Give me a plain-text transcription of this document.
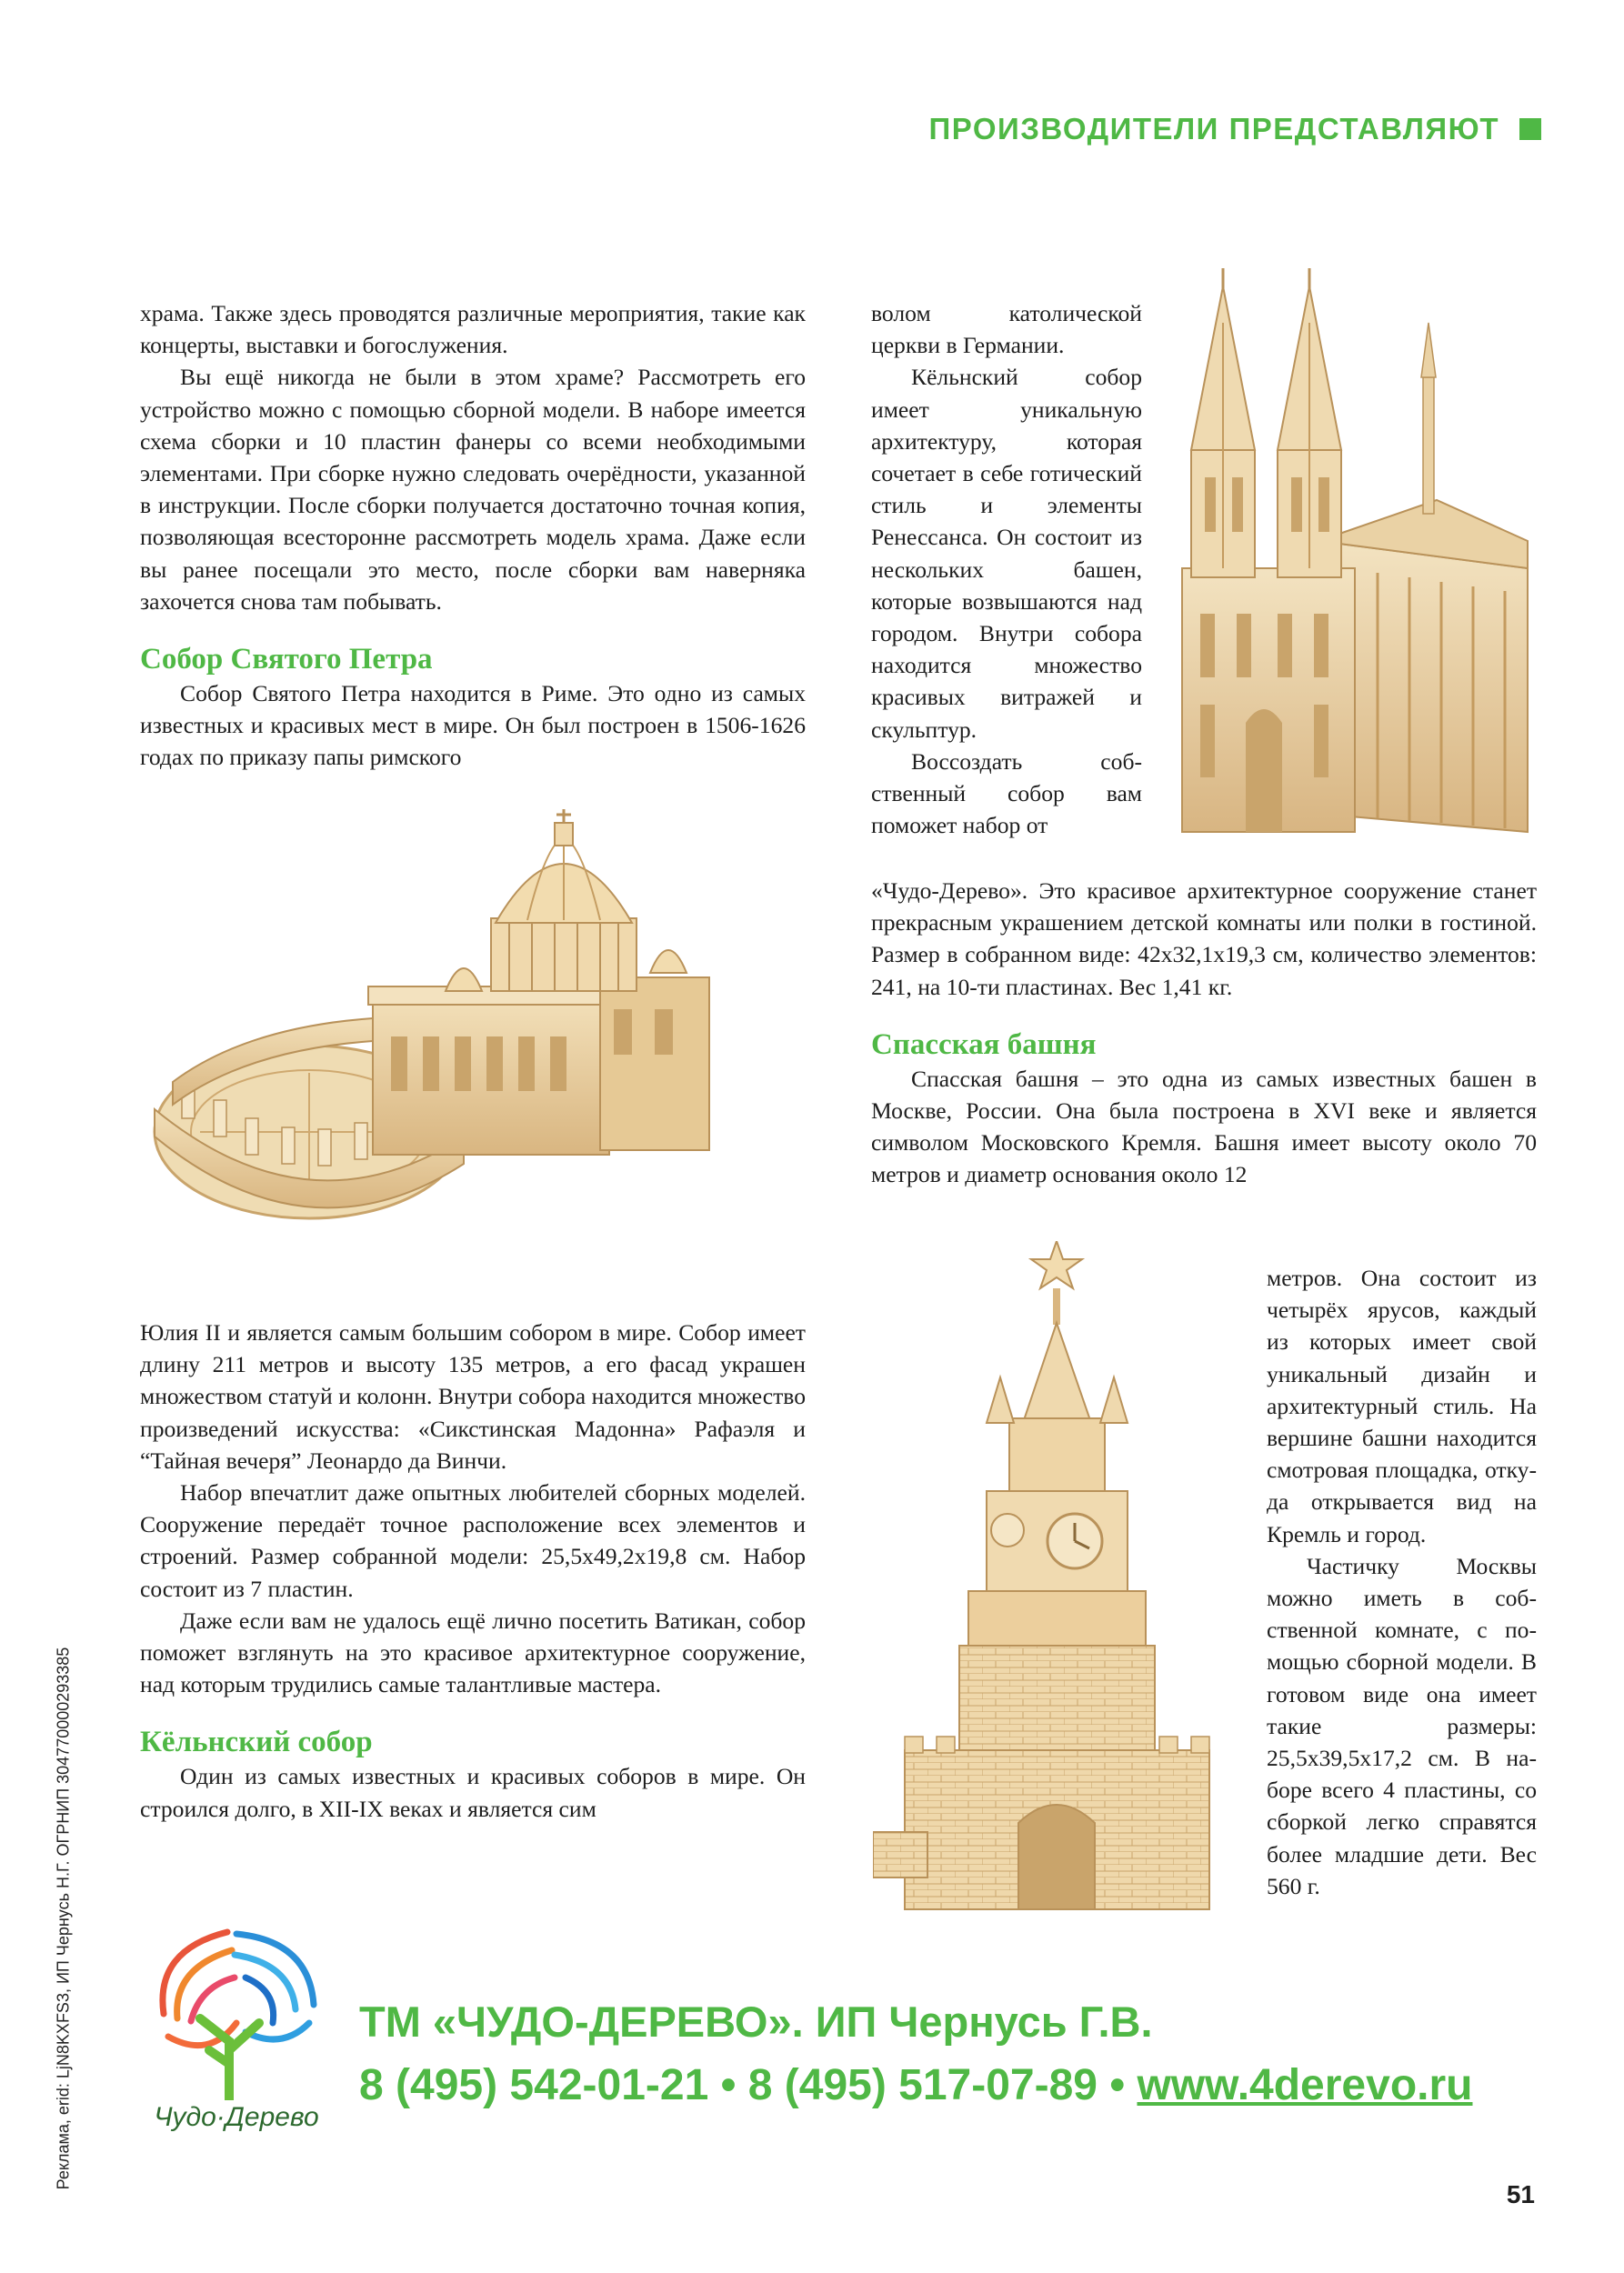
ПРОИЗВОДИТЕЛИ ПРЕДСТАВЛЯЮТ

храма. Также здесь проводятся различные мероприятия, такие как концерты, выставки и богослужения.

Вы ещё никогда не были в этом храме? Рассмотреть его устройство можно с помощью сборной модели. В наборе имеется схема сборки и 10 пластин фанеры со всеми необходимыми элементами. При сборке нужно следовать очерёдности, указанной в инструкции. После сборки получается достаточно точная копия, позволяющая всесторонне рассмотреть модель храма. Даже если вы ранее посещали это место, после сборки вам наверняка захочется снова там побывать.

Собор Святого Петра

Собор Святого Петра находится в Риме. Это одно из самых известных и красивых мест в мире. Он был построен в 1506-1626 годах по приказу папы римского

Юлия II и является самым большим собором в мире. Собор имеет длину 211 метров и высоту 135 метров, а его фасад украшен множеством статуй и колонн. Внутри собора находится множество произведений искусства: «Сикстинская Мадонна» Рафаэля и “Тайная вечеря” Леонардо да Винчи.

Набор впечатлит даже опытных любителей сборных моделей. Сооружение передаёт точное расположение всех элементов и строений. Размер собранной модели: 25,5х49,2х19,8 см. Набор состоит из 7 пластин.

Даже если вам не удалось ещё лично посетить Ватикан, собор поможет взглянуть на это красивое архитектурное сооружение, над которым трудились самые талантливые мастера.

Кёльнский собор

Один из самых известных и красивых соборов в мире. Он строился долго, в XII-IX веках и является сим

волом католической церкви в Германии.

Кёльнский собор имеет уникальную архитектуру, которая сочетает в себе готический стиль и элементы Ренессанса. Он состоит из нескольких башен, которые возвышаются над городом. Внутри собора находится множество красивых витражей и скульптур.

Воссоздать собственный собор вам поможет набор от

«Чудо-Дерево». Это красивое архитектурное сооружение станет прекрасным украшением детской комнаты или полки в гостиной. Размер в собранном виде: 42х32,1х19,3 см, количество элементов: 241, на 10-ти пластинах. Вес 1,41 кг.

Спасская башня

Спасская башня – это одна из самых известных башен в Москве, России. Она была построена в XVI веке и является символом Московского Кремля. Башня имеет высоту около 70 метров и диаметр основания около 12

метров. Она состоит из четырёх ярусов, каждый из которых имеет свой уникальный дизайн и архитектурный стиль. На вершине башни находится смотровая площадка, откуда открывается вид на Кремль и город.

Частичку Москвы можно иметь в собственной комнате, с помощью сборной модели. В готовом виде она имеет такие размеры: 25,5х39,5х17,2 см. В наборе всего 4 пластины, со сборкой легко справятся более младшие дети. Вес 560 г.

Реклама, erid: LjN8KXFS3, ИП Чернусь Н.Г. ОГРНИП 304770000293385	Чудо·Дерево
ТМ «ЧУДО-ДЕРЕВО». ИП Чернусь Г.В.
8 (495) 542-01-21 • 8 (495) 517-07-89 • www.4derevo.ru
51
